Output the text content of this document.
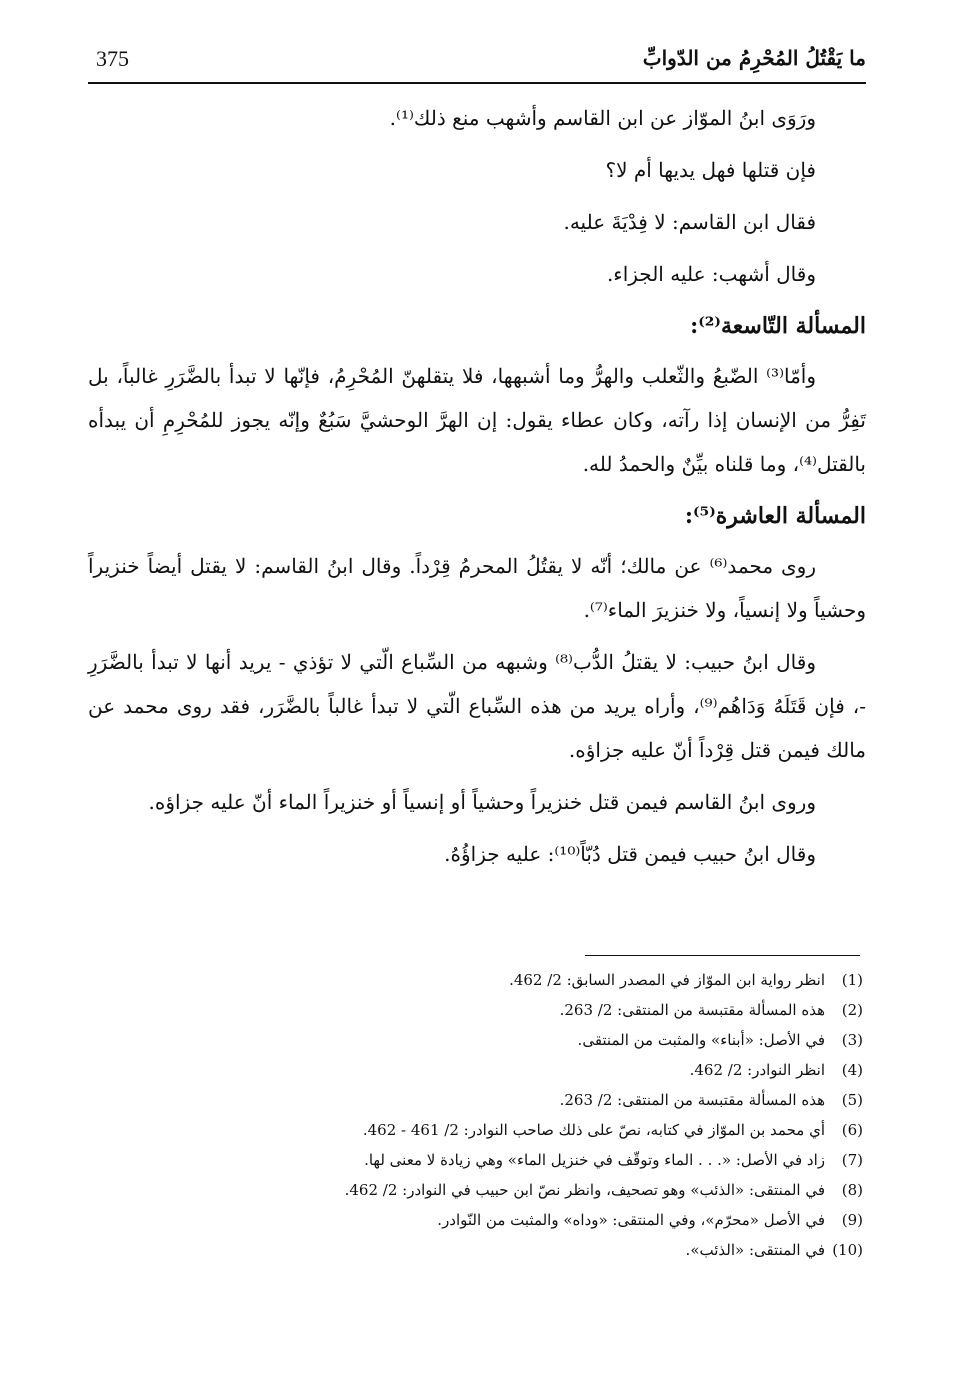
375	ما يَقْتُلُ المُحْرِمُ من الدّوابِّ

ورَوَى ابنُ الموّاز عن ابن القاسم وأشهب منع ذلك⁽¹⁾.

فإن قتلها فهل يديها أم لا؟

فقال ابن القاسم: لا فِدْيَةَ عليه.

وقال أشهب: عليه الجزاء.

المسألة التّاسعة⁽²⁾:

وأمّا⁽³⁾ الضّبعُ والثّعلب والهرُّ وما أشبهها، فلا يتقلهنّ المُحْرِمُ، فإنّها لا تبدأ بالضَّرَرِ غالباً، بل تَفِرُّ من الإنسان إذا رآته، وكان عطاء يقول: إن الهرَّ الوحشيَّ سَبُعٌ وإنّه يجوز للمُحْرِمِ أن يبدأه بالقتل⁽⁴⁾، وما قلناه بيِّنٌ والحمدُ لله.

المسألة العاشرة⁽⁵⁾:

روى محمد⁽⁶⁾ عن مالك؛ أنّه لا يقتُلُ المحرمُ قِرْداً. وقال ابنُ القاسم: لا يقتل أيضاً خنزيراً وحشياً ولا إنسياً، ولا خنزيرَ الماء⁽⁷⁾.

وقال ابنُ حبيب: لا يقتلُ الدُّب⁽⁸⁾ وشبهه من السِّباع الّتي لا تؤذي - يريد أنها لا تبدأ بالضَّرَرِ -، فإن قَتَلَهُ وَدَاهُم⁽⁹⁾، وأراه يريد من هذه السِّباع الّتي لا تبدأ غالباً بالضَّرَر، فقد روى محمد عن مالك فيمن قتل قِرْداً أنّ عليه جزاؤه.

وروى ابنُ القاسم فيمن قتل خنزيراً وحشياً أو إنسياً أو خنزيراً الماء أنّ عليه جزاؤه.

وقال ابنُ حبيب فيمن قتل دُبّاً⁽¹⁰⁾: عليه جزاؤُهُ.

(1)
انظر رواية ابن الموّاز في المصدر السابق: 2/ 462.
(2)
هذه المسألة مقتبسة من المنتقى: 2/ 263.
(3)
في الأصل: «أبناء» والمثبت من المنتقى.
(4)
انظر النوادر: 2/ 462.
(5)
هذه المسألة مقتبسة من المنتقى: 2/ 263.
(6)
أي محمد بن الموّاز في كتابه، نصّ على ذلك صاحب النوادر: 2/ 461 - 462.
(7)
زاد في الأصل: «. . . الماء وتوقّف في خنزيل الماء» وهي زيادة لا معنى لها.
(8)
في المنتقى: «الذئب» وهو تصحيف، وانظر نصّ ابن حبيب في النوادر: 2/ 462.
(9)
في الأصل «محرّم»، وفي المنتقى: «وداه» والمثبت من النّوادر.
(10)
في المنتقى: «الذئب».
